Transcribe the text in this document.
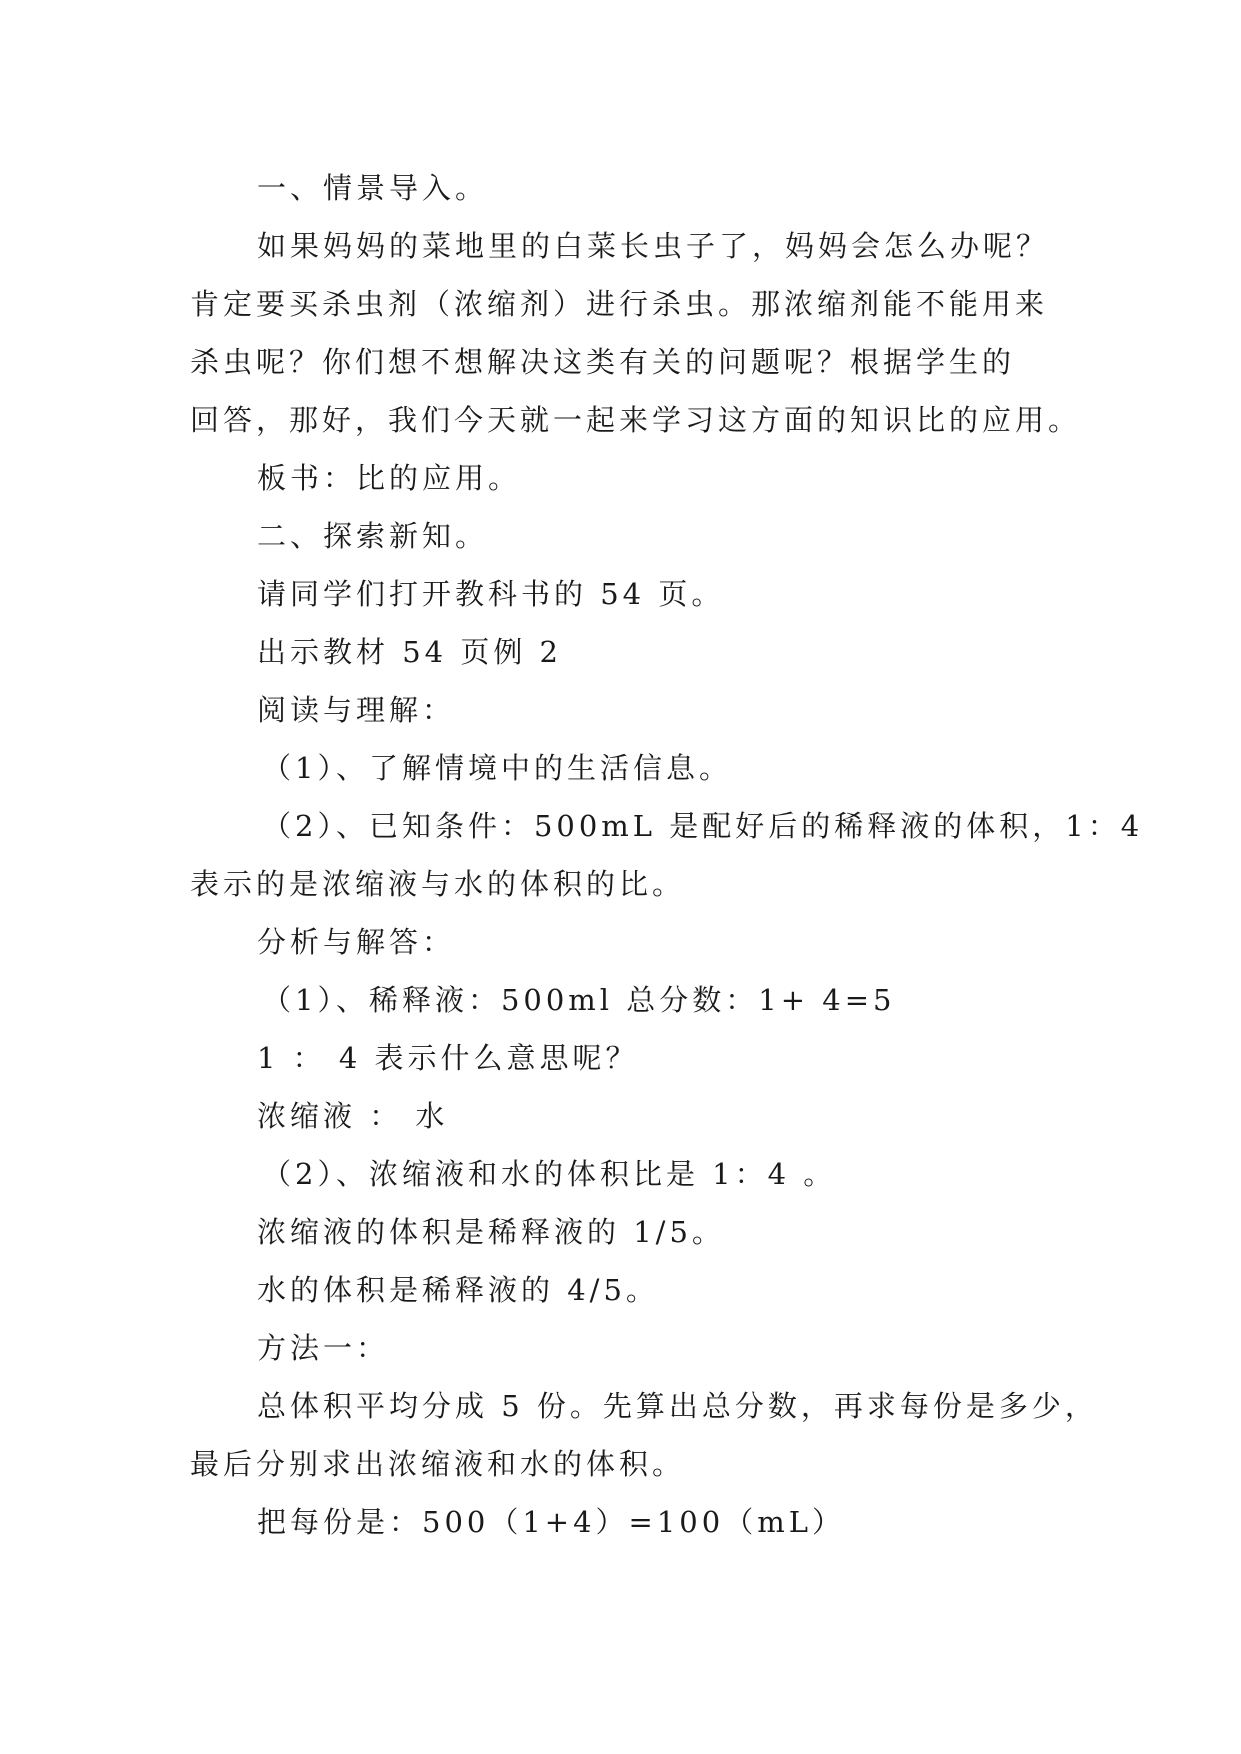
一、情景导入。
如果妈妈的菜地里的白菜长虫子了，妈妈会怎么办呢？
肯定要买杀虫剂（浓缩剂）进行杀虫。那浓缩剂能不能用来
杀虫呢？你们想不想解决这类有关的问题呢？根据学生的
回答，那好，我们今天就一起来学习这方面的知识比的应用。
板书：比的应用。
二、探索新知。
请同学们打开教科书的 54 页。
出示教材 54 页例 2
阅读与理解：
（1）、了解情境中的生活信息。
（2）、已知条件：500mL 是配好后的稀释液的体积，1：4
表示的是浓缩液与水的体积的比。
分析与解答：
（1）、稀释液：500ml 总分数：1+ 4=5
1 ： 4 表示什么意思呢？
浓缩液 ： 水
（2）、浓缩液和水的体积比是 1：4 。
浓缩液的体积是稀释液的 1/5。
水的体积是稀释液的 4/5。
方法一：
总体积平均分成 5 份。先算出总分数，再求每份是多少，
最后分别求出浓缩液和水的体积。
把每份是：500（1+4）=100（mL）
